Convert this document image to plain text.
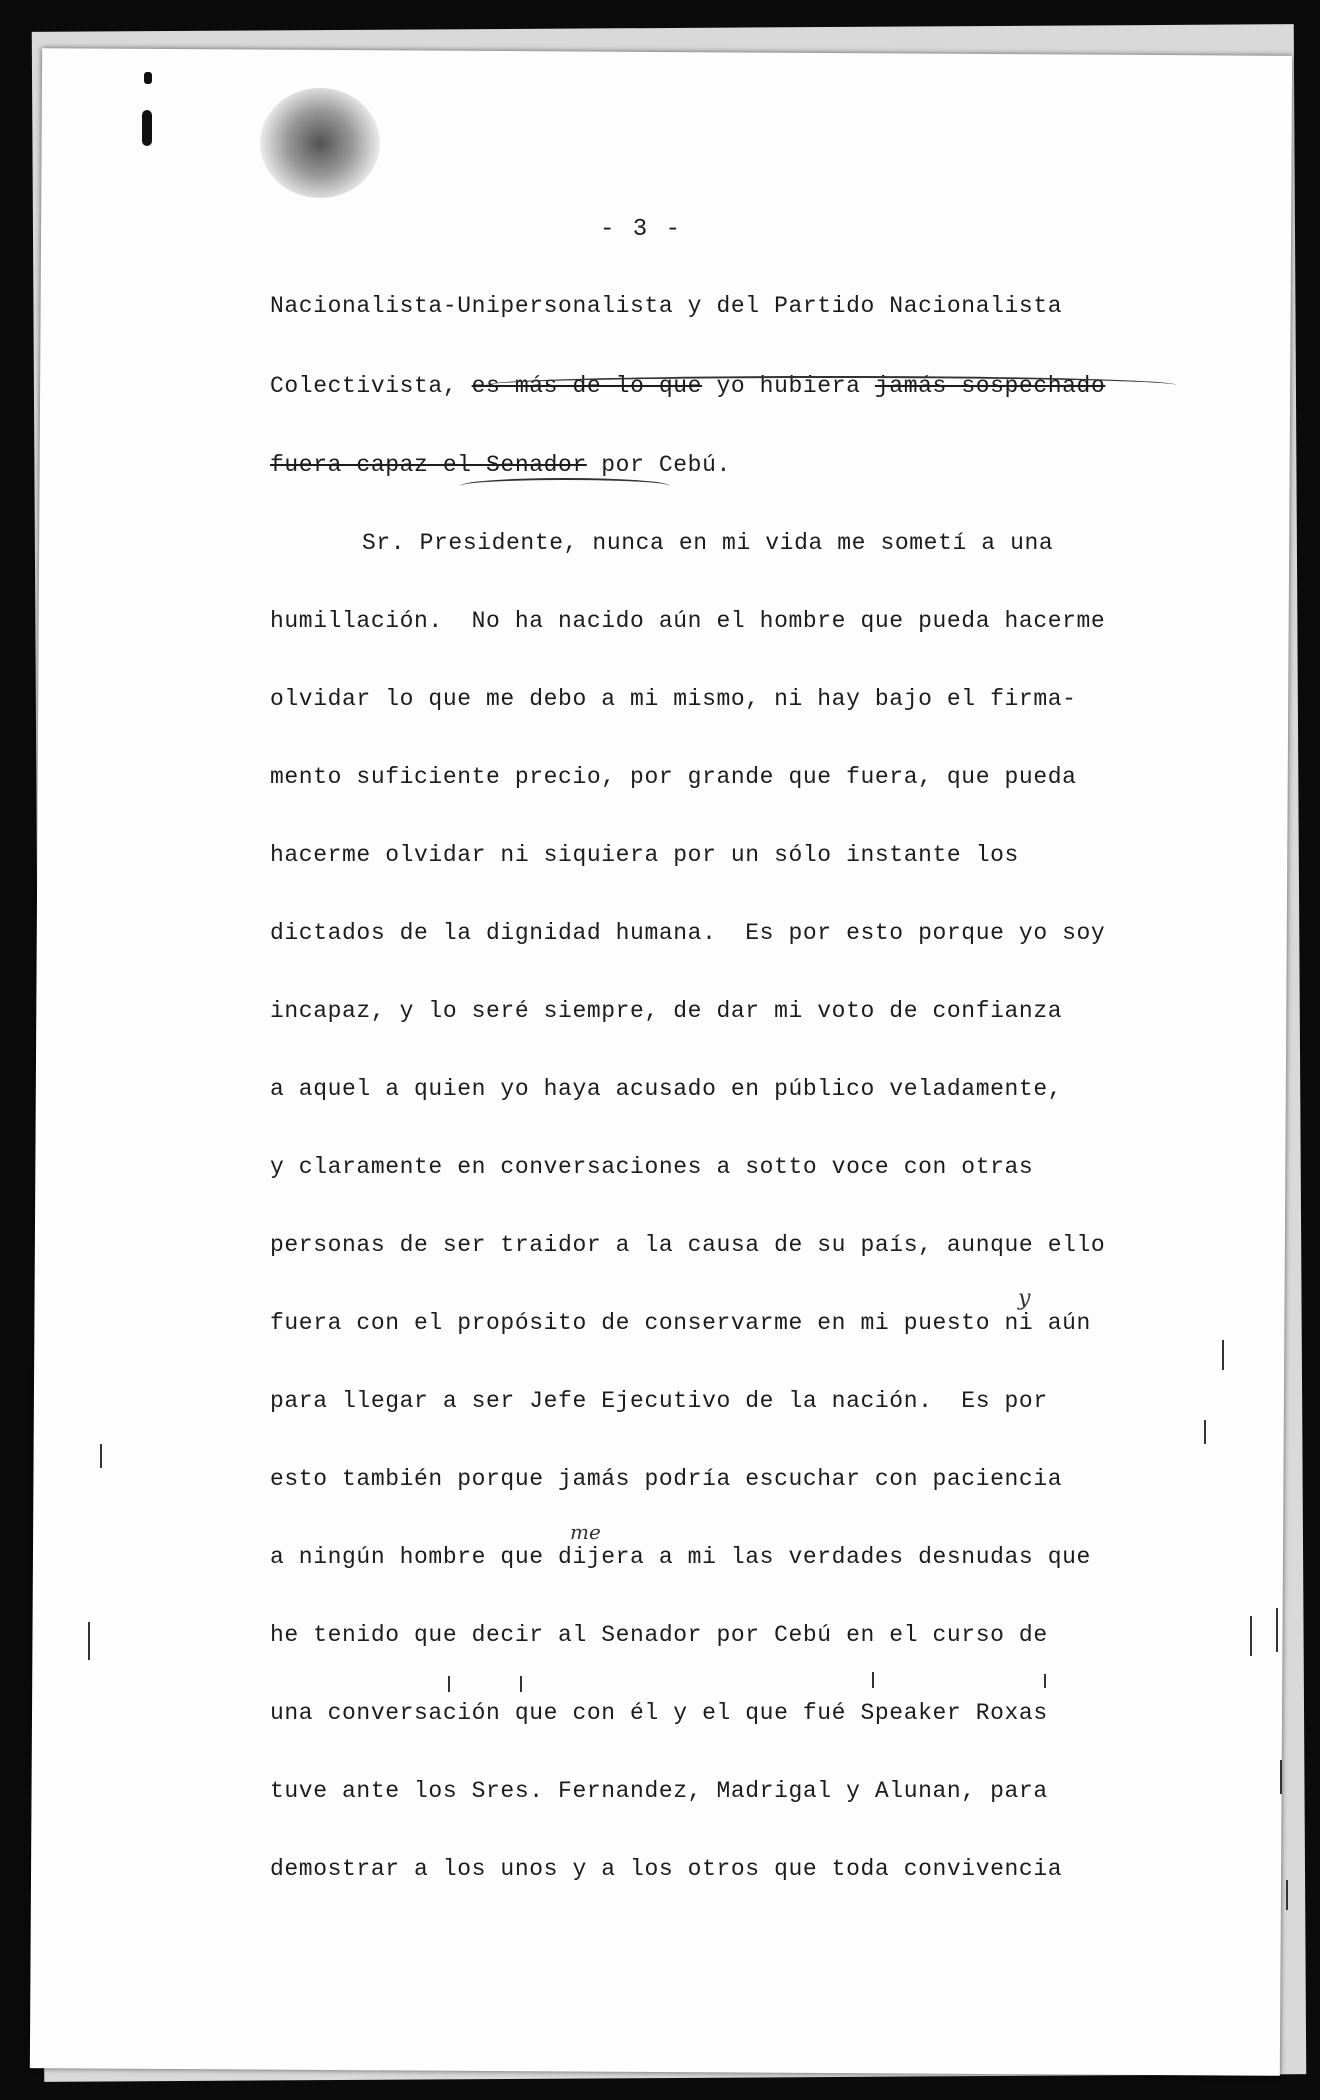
- 3 -
Nacionalista-Unipersonalista y del Partido Nacionalista
Colectivista, es más de lo que yo hubiera jamás sospechado
fuera capaz el Senador por Cebú.
Sr. Presidente, nunca en mi vida me sometí a una
humillación.  No ha nacido aún el hombre que pueda hacerme
olvidar lo que me debo a mi mismo, ni hay bajo el firma-
mento suficiente precio, por grande que fuera, que pueda
hacerme olvidar ni siquiera por un sólo instante los
dictados de la dignidad humana.  Es por esto porque yo soy
incapaz, y lo seré siempre, de dar mi voto de confianza
a aquel a quien yo haya acusado en público veladamente,
y claramente en conversaciones a sotto voce con otras
personas de ser traidor a la causa de su país, aunque ello
fuera con el propósito de conservarme en mi puesto ni aún
para llegar a ser Jefe Ejecutivo de la nación.  Es por
esto también porque jamás podría escuchar con paciencia
a ningún hombre que dijera a mi las verdades desnudas que
he tenido que decir al Senador por Cebú en el curso de
una conversación que con él y el que fué Speaker Roxas
tuve ante los Sres. Fernandez, Madrigal y Alunan, para
demostrar a los unos y a los otros que toda convivencia
y
me
